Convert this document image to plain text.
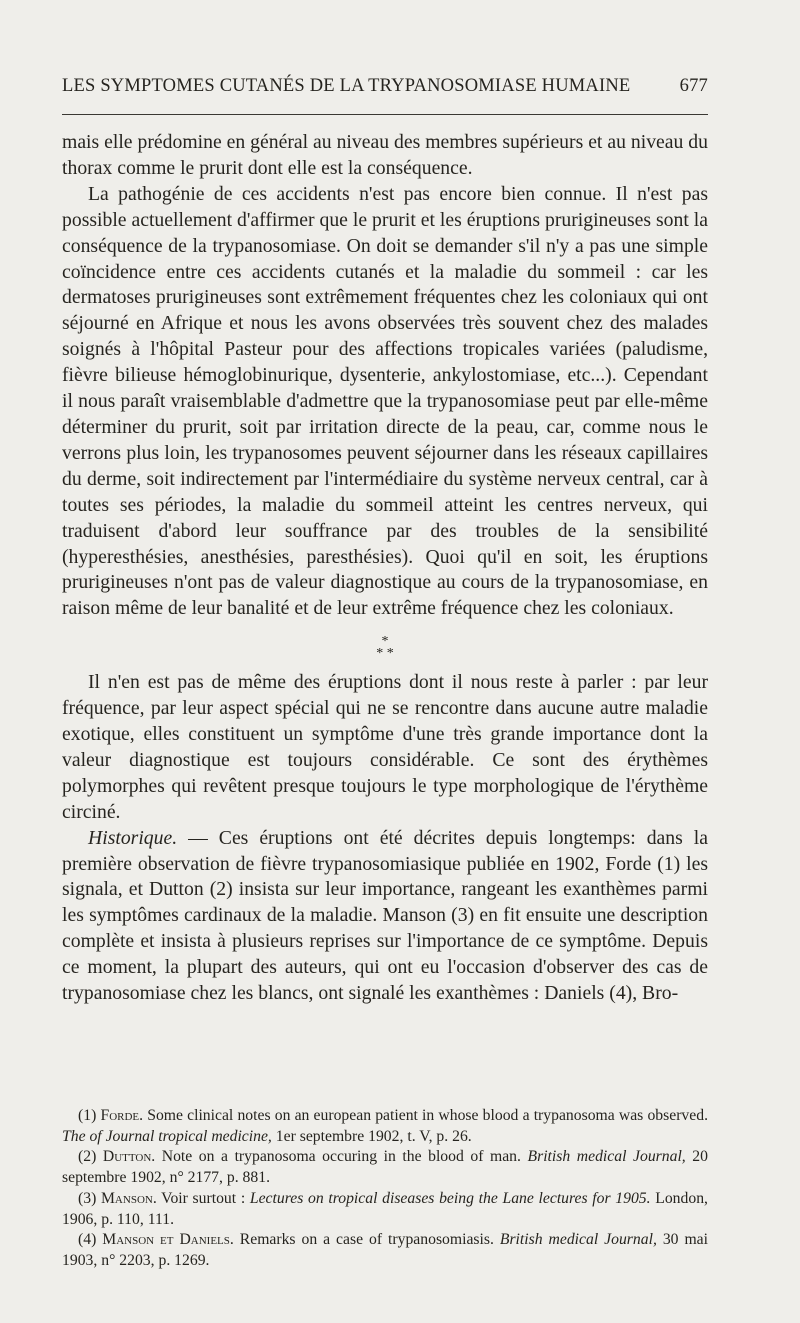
LES SYMPTOMES CUTANÉS DE LA TRYPANOSOMIASE HUMAINE	677

mais elle prédomine en général au niveau des membres supérieurs et au niveau du thorax comme le prurit dont elle est la conséquence.

La pathogénie de ces accidents n'est pas encore bien connue. Il n'est pas possible actuellement d'affirmer que le prurit et les éruptions prurigineuses sont la conséquence de la trypanosomiase. On doit se demander s'il n'y a pas une simple coïncidence entre ces accidents cutanés et la maladie du sommeil : car les dermatoses prurigineuses sont extrêmement fréquentes chez les coloniaux qui ont séjourné en Afrique et nous les avons observées très souvent chez des malades soignés à l'hôpital Pasteur pour des affections tropicales variées (paludisme, fièvre bilieuse hémoglobinurique, dysenterie, ankylostomiase, etc...). Cependant il nous paraît vraisemblable d'admettre que la trypanosomiase peut par elle-même déterminer du prurit, soit par irritation directe de la peau, car, comme nous le verrons plus loin, les trypanosomes peuvent séjourner dans les réseaux capillaires du derme, soit indirectement par l'intermédiaire du système nerveux central, car à toutes ses périodes, la maladie du sommeil atteint les centres nerveux, qui traduisent d'abord leur souffrance par des troubles de la sensibilité (hyperesthésies, anesthésies, paresthésies). Quoi qu'il en soit, les éruptions prurigineuses n'ont pas de valeur diagnostique au cours de la trypanosomiase, en raison même de leur banalité et de leur extrême fréquence chez les coloniaux.

*
* *

Il n'en est pas de même des éruptions dont il nous reste à parler : par leur fréquence, par leur aspect spécial qui ne se rencontre dans aucune autre maladie exotique, elles constituent un symptôme d'une très grande importance dont la valeur diagnostique est toujours considérable. Ce sont des érythèmes polymorphes qui revêtent presque toujours le type morphologique de l'érythème circiné.

Historique. — Ces éruptions ont été décrites depuis longtemps: dans la première observation de fièvre trypanosomiasique publiée en 1902, Forde (1) les signala, et Dutton (2) insista sur leur importance, rangeant les exanthèmes parmi les symptômes cardinaux de la maladie. Manson (3) en fit ensuite une description complète et insista à plusieurs reprises sur l'importance de ce symptôme. Depuis ce moment, la plupart des auteurs, qui ont eu l'occasion d'observer des cas de trypanosomiase chez les blancs, ont signalé les exanthèmes : Daniels (4), Bro-

(1) Forde. Some clinical notes on an european patient in whose blood a trypanosoma was observed. The of Journal tropical medicine, 1er septembre 1902, t. V, p. 26.

(2) Dutton. Note on a trypanosoma occuring in the blood of man. British medical Journal, 20 septembre 1902, n° 2177, p. 881.

(3) Manson. Voir surtout : Lectures on tropical diseases being the Lane lectures for 1905. London, 1906, p. 110, 111.

(4) Manson et Daniels. Remarks on a case of trypanosomiasis. British medical Journal, 30 mai 1903, n° 2203, p. 1269.
